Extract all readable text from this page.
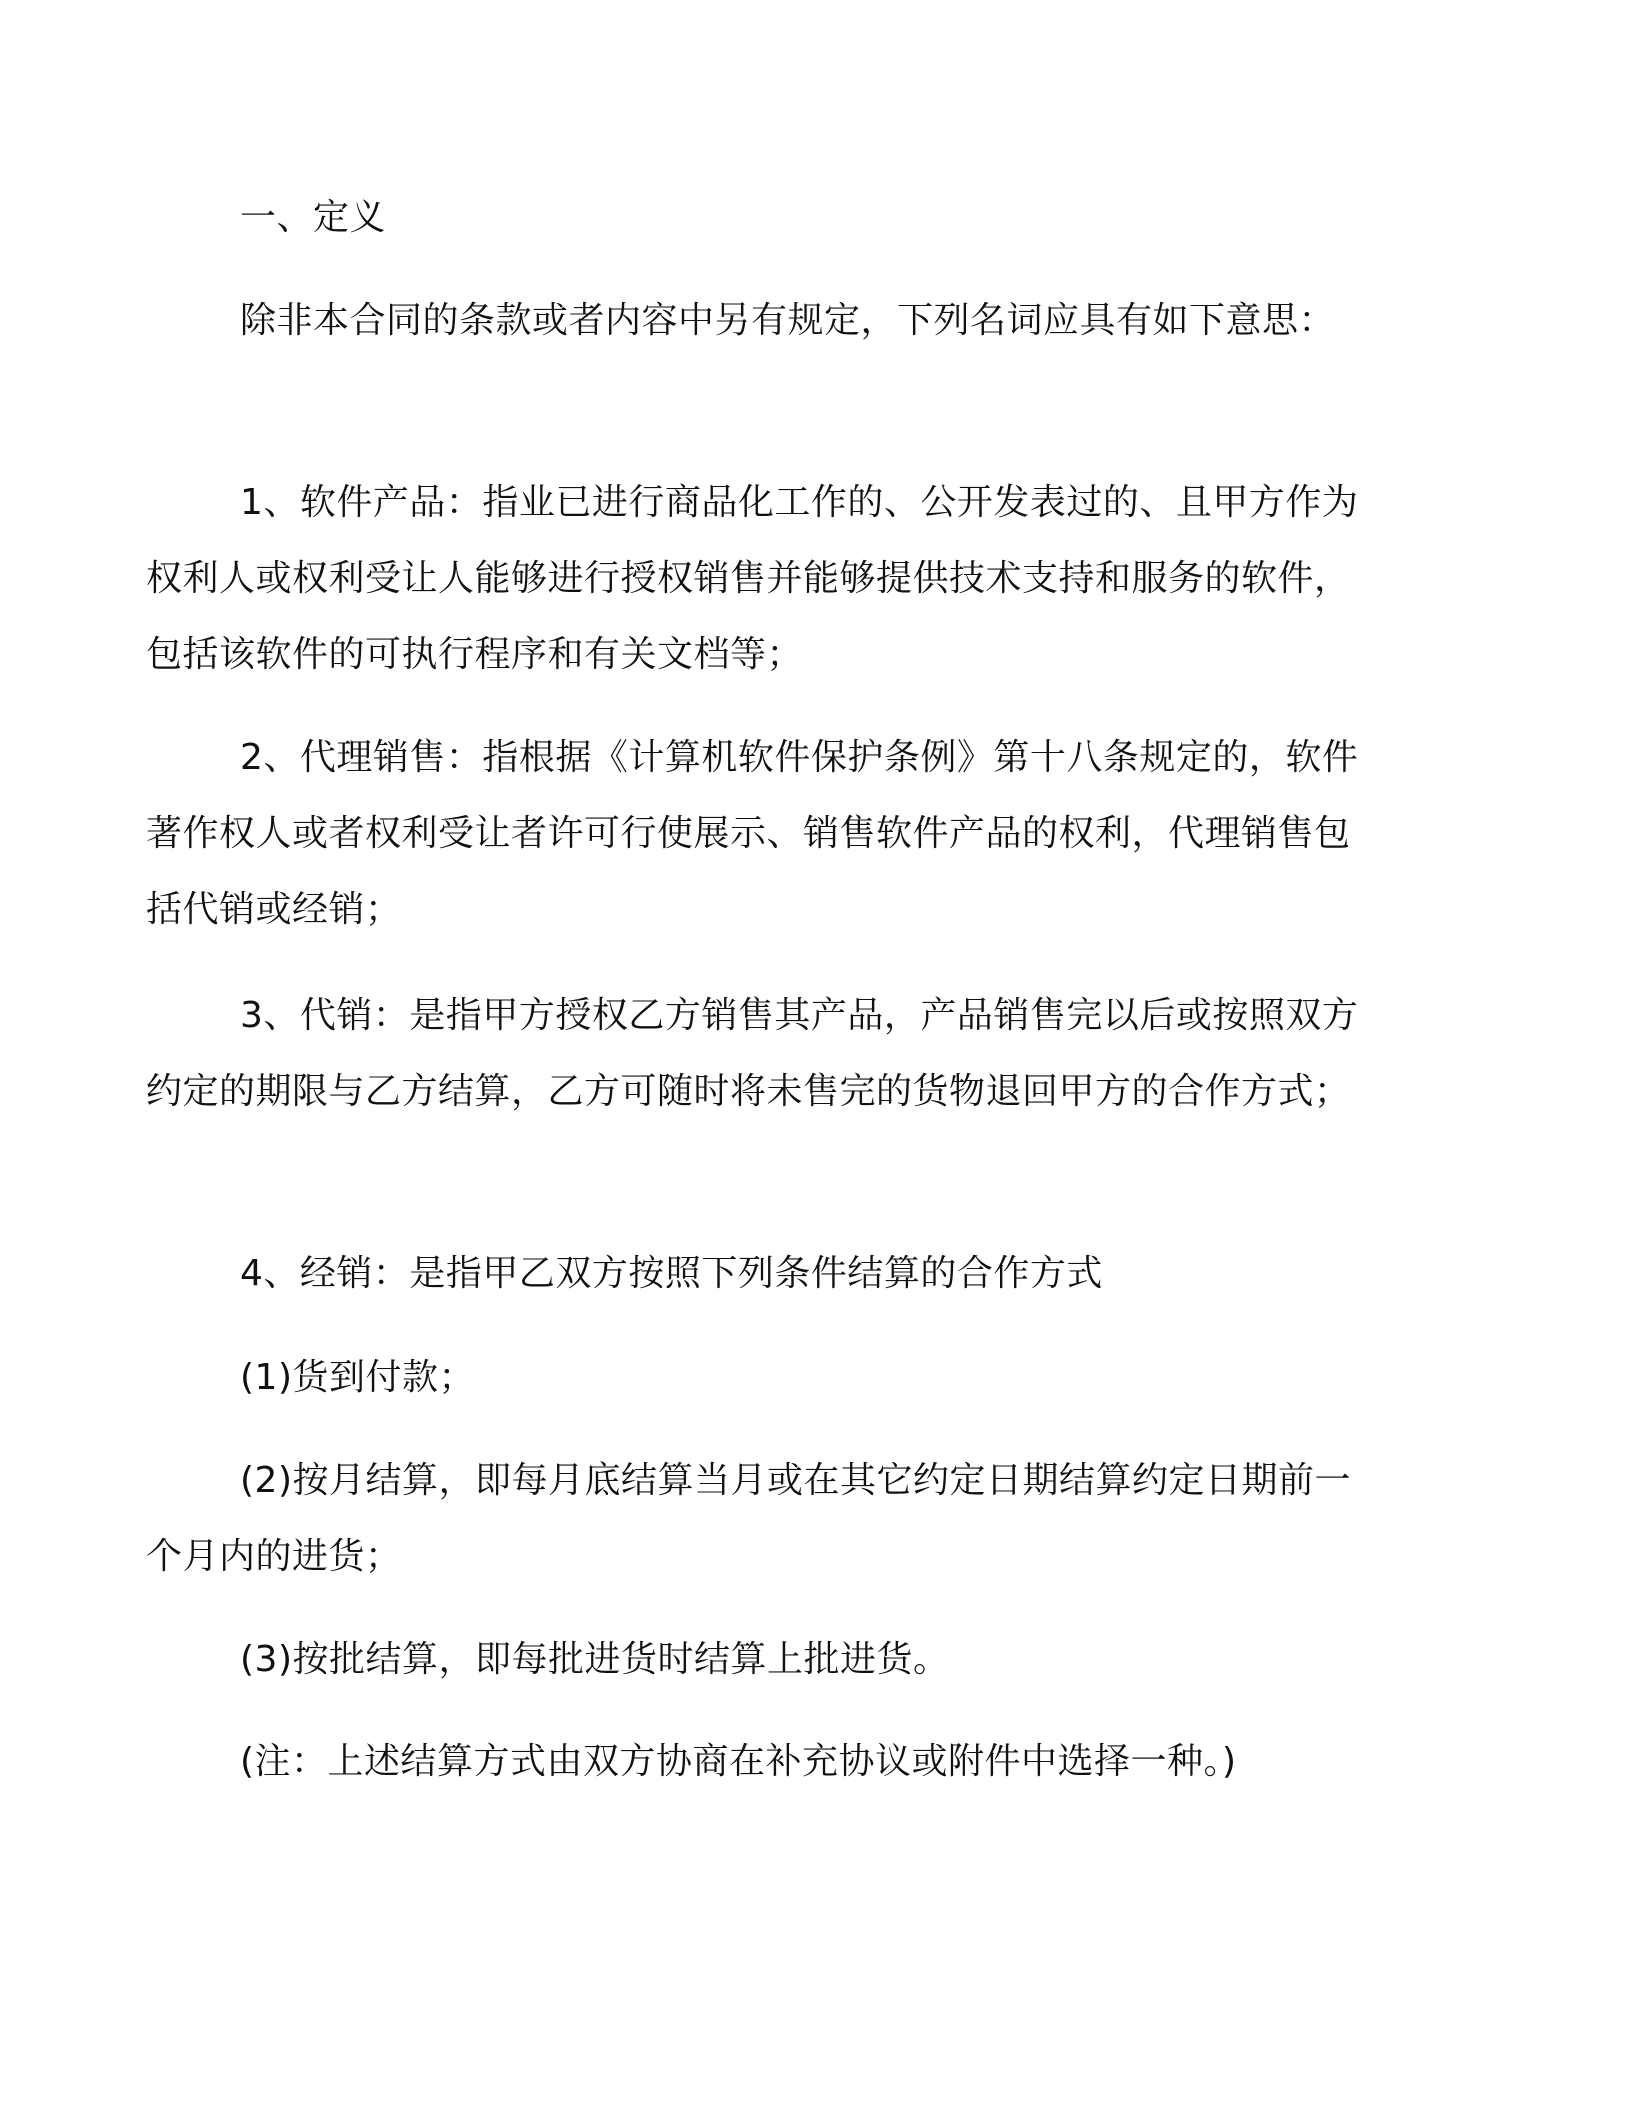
一、定义
除非本合同的条款或者内容中另有规定，下列名词应具有如下意思：
1、软件产品：指业已进行商品化工作的、公开发表过的、且甲方作为权利人或权利受让人能够进行授权销售并能够提供技术支持和服务的软件，包括该软件的可执行程序和有关文档等；
2、代理销售：指根据《计算机软件保护条例》第十八条规定的，软件著作权人或者权利受让者许可行使展示、销售软件产品的权利，代理销售包括代销或经销；
3、代销：是指甲方授权乙方销售其产品，产品销售完以后或按照双方约定的期限与乙方结算，乙方可随时将未售完的货物退回甲方的合作方式；
4、经销：是指甲乙双方按照下列条件结算的合作方式
(1)货到付款；
(2)按月结算，即每月底结算当月或在其它约定日期结算约定日期前一个月内的进货；
(3)按批结算，即每批进货时结算上批进货。
(注：上述结算方式由双方协商在补充协议或附件中选择一种。)
